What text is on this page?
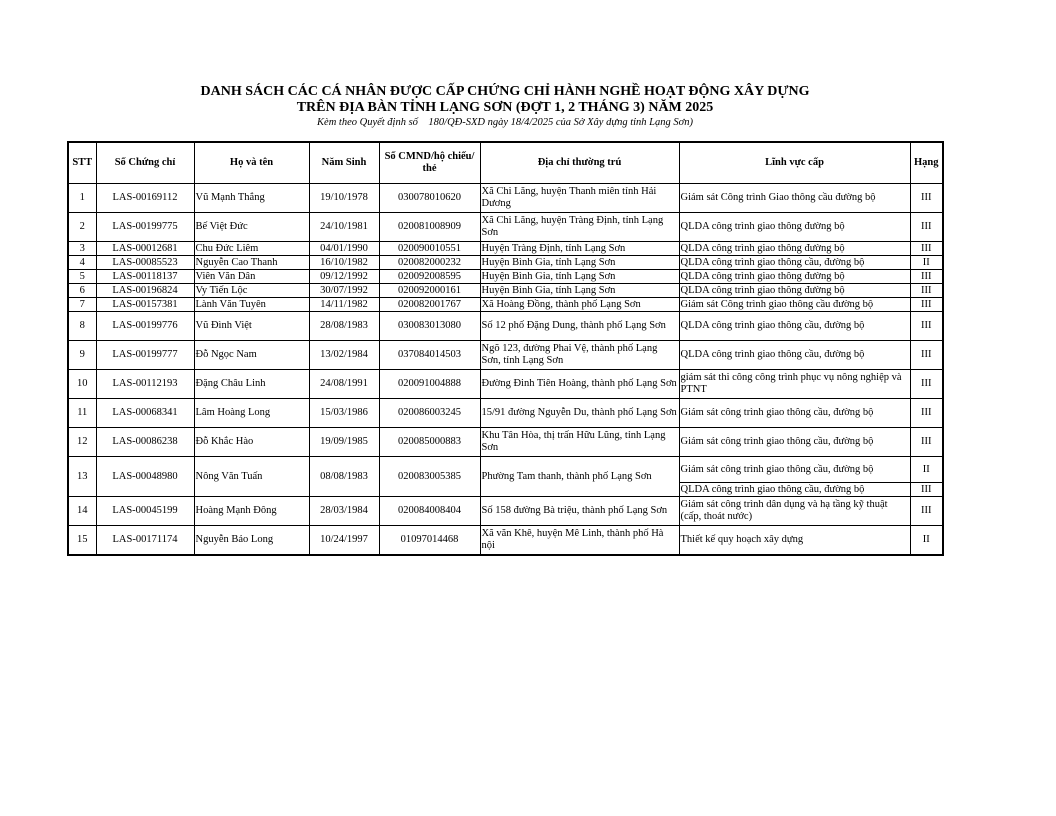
DANH SÁCH CÁC CÁ NHÂN ĐƯỢC CẤP CHỨNG CHỈ HÀNH NGHỀ HOẠT ĐỘNG XÂY DỰNG
TRÊN ĐỊA BÀN TỈNH LẠNG SƠN (ĐỢT 1, 2 THÁNG 3) NĂM 2025
Kèm theo Quyết định số    180/QĐ-SXD ngày 18/4/2025 của Sở Xây dựng tỉnh Lạng Sơn)
STT	Số Chứng chỉ	Họ và tên	Năm Sinh	Số CMND/hộ chiếu/ thẻ	Địa chỉ thường trú	Lĩnh vực cấp	Hạng
1	LAS-00169112	Vũ Mạnh Thắng	19/10/1978	030078010620	Xã Chi Lăng, huyện Thanh miên tỉnh Hải Dương	Giám sát Công trình Giao thông cầu đường bộ	III
2	LAS-00199775	Bế Việt Đức	24/10/1981	020081008909	Xã Chi Lăng, huyện Tràng Định, tỉnh Lạng Sơn	QLDA công trình giao thông đường bộ	III
3	LAS-00012681	Chu Đức Liêm	04/01/1990	020090010551	Huyện Tràng Định, tỉnh Lạng Sơn	QLDA công trình giao thông đường bộ	III
4	LAS-00085523	Nguyễn Cao Thanh	16/10/1982	020082000232	Huyện Bình Gia, tỉnh Lạng Sơn	QLDA công trình giao thông cầu, đường bộ	II
5	LAS-00118137	Viên Văn Dân	09/12/1992	020092008595	Huyện Bình Gia, tỉnh Lạng Sơn	QLDA công trình giao thông đường bộ	III
6	LAS-00196824	Vy Tiến Lộc	30/07/1992	020092000161	Huyện Bình Gia, tỉnh Lạng Sơn	QLDA công trình giao thông đường bộ	III
7	LAS-00157381	Lành Văn Tuyên	14/11/1982	020082001767	Xã Hoàng Đồng, thành phố Lạng Sơn	Giám sát Công trình giao thông cầu đường bộ	III
8	LAS-00199776	Vũ Đình Việt	28/08/1983	030083013080	Số 12 phố Đặng Dung, thành phố Lạng Sơn	QLDA công trình giao thông cầu, đường bộ	III
9	LAS-00199777	Đỗ Ngọc Nam	13/02/1984	037084014503	Ngõ 123, đường Phai Vệ, thành phố Lạng Sơn, tỉnh Lạng Sơn	QLDA công trình giao thông cầu, đường bộ	III
10	LAS-00112193	Đặng Châu Linh	24/08/1991	020091004888	Đường Đinh Tiên Hoàng, thành phố Lạng Sơn	giám sát thi công công trình phục vụ nông nghiệp và PTNT	III
11	LAS-00068341	Lâm Hoàng Long	15/03/1986	020086003245	15/91 đường Nguyễn Du, thành phố Lạng Sơn	Giám sát công trình giao thông cầu, đường bộ	III
12	LAS-00086238	Đỗ Khắc Hào	19/09/1985	020085000883	Khu Tân Hòa, thị trấn Hữu Lũng, tỉnh Lạng Sơn	Giám sát công trình giao thông cầu, đường bộ	III
13	LAS-00048980	Nông Văn Tuấn	08/08/1983	020083005385	Phường Tam thanh, thành phố Lạng Sơn	Giám sát công trình giao thông cầu, đường bộ	II
						QLDA công trình giao thông cầu, đường bộ	III
14	LAS-00045199	Hoàng Mạnh Đông	28/03/1984	020084008404	Số 158 đường Bà triệu, thành phố Lạng Sơn	Giám sát công trình dân dụng và hạ tầng kỹ thuật (cấp, thoát nước)	III
15	LAS-00171174	Nguyễn Bảo Long	10/24/1997	01097014468	Xã văn Khê, huyện Mê Linh, thành phố Hà nội	Thiết kế quy hoạch xây dựng	II
